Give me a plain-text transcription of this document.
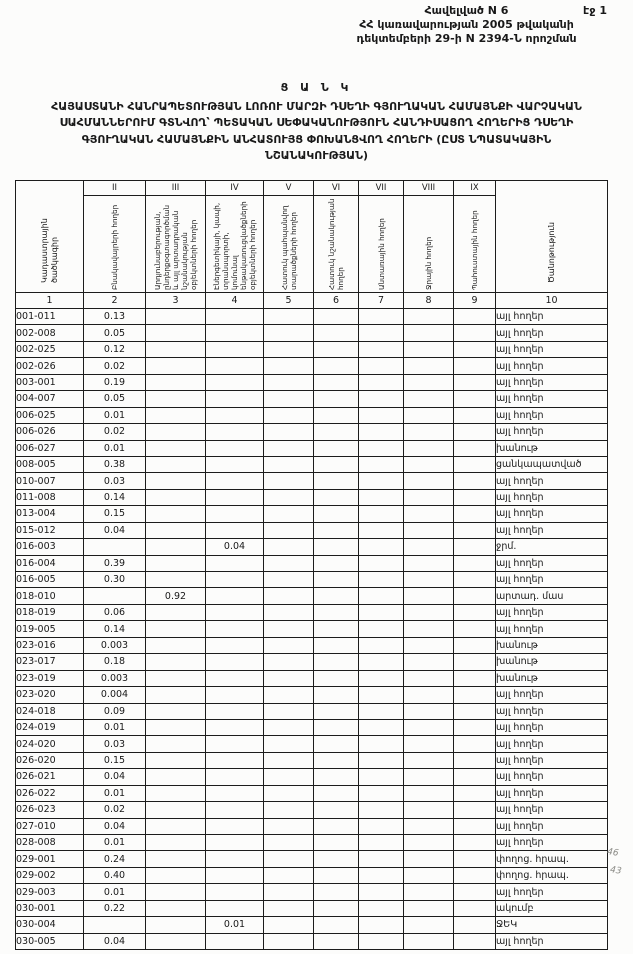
էջ 1
Հավելված N 6
ՀՀ կառավարության 2005 թվականի
դեկտեմբերի 29-ի N 2394-Ն որոշման
Ց Ա Ն Կ
ՀԱՅԱՍՏԱՆԻ ՀԱՆՐԱՊԵՏՈՒԹՅԱՆ ԼՈՌՈՒ ՄԱՐԶԻ ԴՍԵՂԻ ԳՅՈՒՂԱԿԱՆ ՀԱՄԱՅՆՔԻ ՎԱՐՉԱԿԱՆ
ՍԱՀՄԱՆՆԵՐՈՒՄ ԳՏՆՎՈՂ՝ ՊԵՏԱԿԱՆ ՍԵՓԱԿԱՆՈՒԹՅՈՒՆ ՀԱՆԴԻՍԱՑՈՂ ՀՈՂԵՐԻՑ ԴՍԵՂԻ
ԳՅՈՒՂԱԿԱՆ ՀԱՄԱՅՆՔԻՆ ԱՆՀԱՏՈՒՅՑ ՓՈԽԱՆՑՎՈՂ ՀՈՂԵՐԻ (ԸՍՏ ՆՊԱՏԱԿԱՅԻՆ
ՆՇԱՆԱԿՈՒԹՅԱՆ)
Կադաստրային ծածկագիր	II	III	IV	V	VI	VII	VIII	IX	Ծանոթություն

	Բնակավայրերի հողեր	Արդյունաբերության, ընդերքօգտագործման և այլ արտադրական նշանակության օբյեկտների հողեր	Էներգետիկայի, կապի, տրանսպորտի, կոմունալ ենթակառուցվածքների օբյեկտների հողեր	Հատուկ պահպանվող տարածքների հողեր	Հատուկ նշանակության հողեր	Անտառային հողեր	Ջրային հողեր	Պահուստային հողեր	

1	2	3	4	5	6	7	8	9	10
001-011	0.13								այլ հողեր
002-008	0.05								այլ հողեր
002-025	0.12								այլ հողեր
002-026	0.02								այլ հողեր
003-001	0.19								այլ հողեր
004-007	0.05								այլ հողեր
006-025	0.01								այլ հողեր
006-026	0.02								այլ հողեր
006-027	0.01								խանութ
008-005	0.38								ցանկապատված
010-007	0.03								այլ հողեր
011-008	0.14								այլ հողեր
013-004	0.15								այլ հողեր
015-012	0.04								այլ հողեր
016-003			0.04						ջրմ.
016-004	0.39								այլ հողեր
016-005	0.30								այլ հողեր
018-010		0.92							արտադ. մաս
018-019	0.06								այլ հողեր
019-005	0.14								այլ հողեր
023-016	0.003								խանութ
023-017	0.18								խանութ
023-019	0.003								խանութ
023-020	0.004								այլ հողեր
024-018	0.09								այլ հողեր
024-019	0.01								այլ հողեր
024-020	0.03								այլ հողեր
026-020	0.15								այլ հողեր
026-021	0.04								այլ հողեր
026-022	0.01								այլ հողեր
026-023	0.02								այլ հողեր
027-010	0.04								այլ հողեր
028-008	0.01								այլ հողեր
029-001	0.24								փողոց. հրապ.
029-002	0.40								փողոց. հրապ.
029-003	0.01								այլ հողեր
030-001	0.22								ակումբ
030-004			0.01						ՋԵԿ
030-005	0.04								այլ հողեր
46
43
